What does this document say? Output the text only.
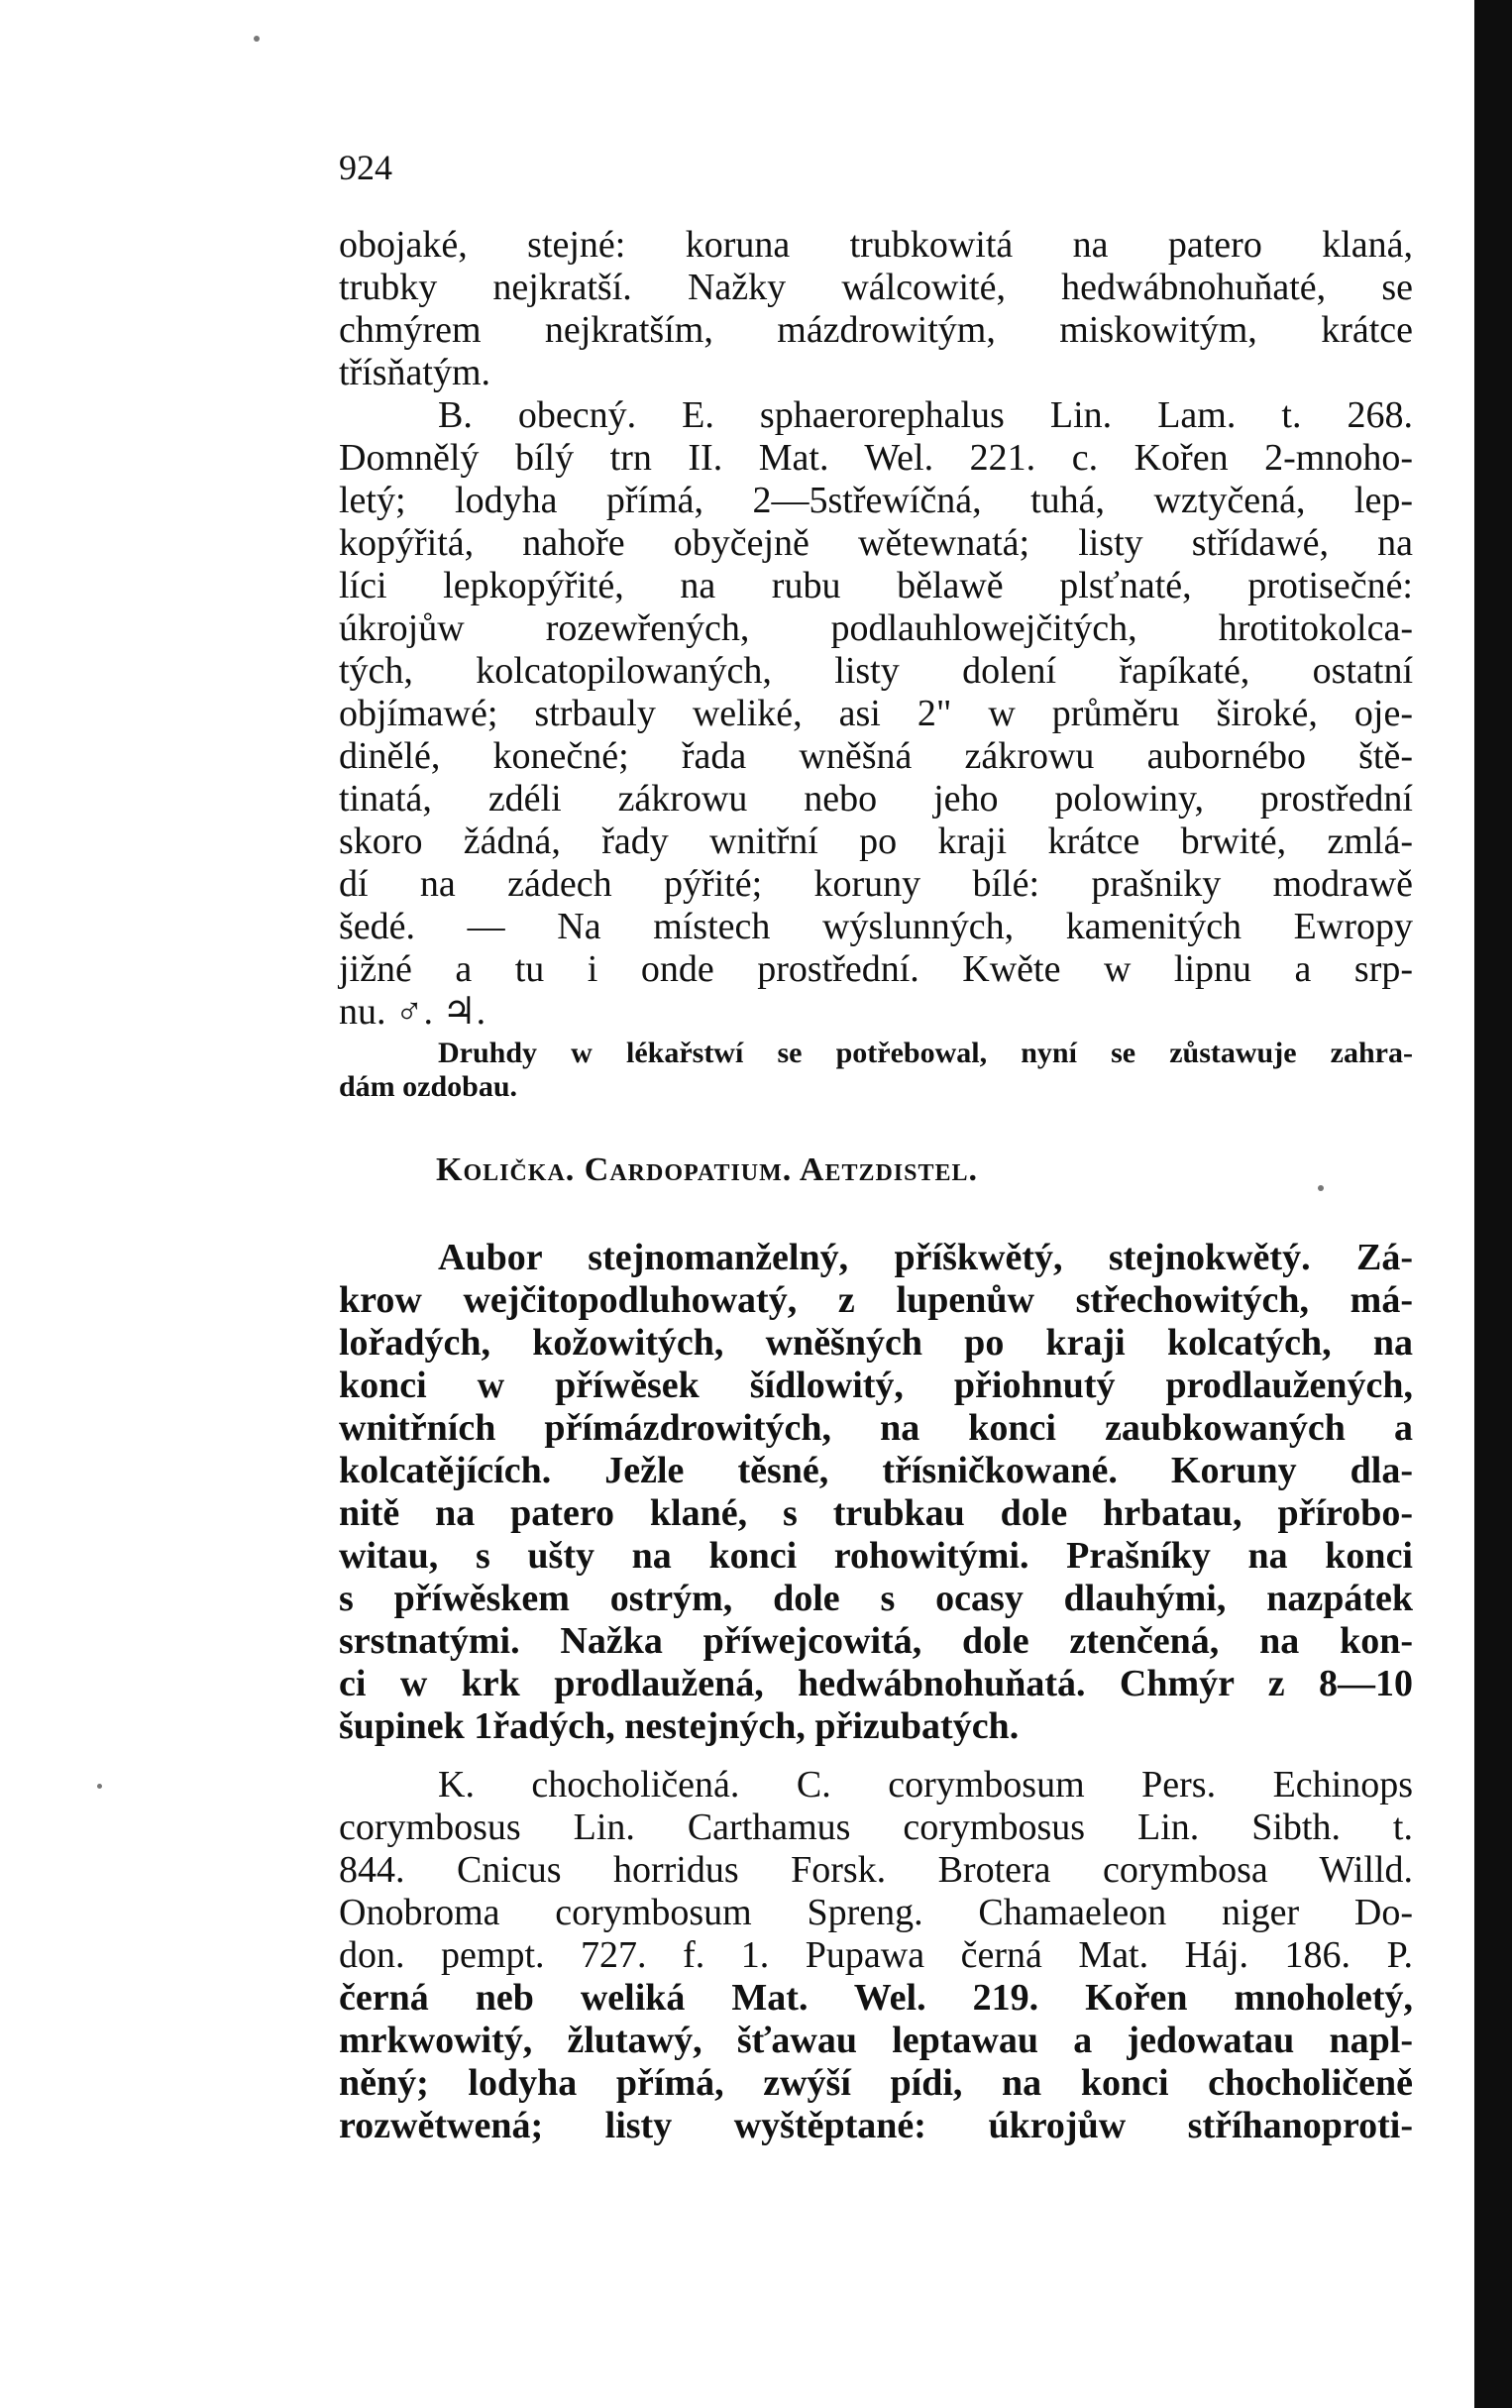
924
obojaké, stejné: koruna trubkowitá na patero klaná,
trubky nejkratší. Nažky wálcowité, hedwábnohuňaté, se
chmýrem nejkratším, mázdrowitým, miskowitým, krátce
třísňatým.
B. obecný. E. sphaerorephalus Lin. Lam. t. 268.
Domnělý bílý trn II. Mat. Wel. 221. c. Kořen 2-mnoho-
letý; lodyha přímá, 2—5střewíčná, tuhá, wztyčená, lep-
kopýřitá, nahoře obyčejně wětewnatá; listy střídawé, na
líci lepkopýřité, na rubu bělawě plsťnaté, protisečné:
úkrojůw rozewřených, podlauhlowejčitých, hrotitokolca-
tých, kolcatopilowaných, listy dolení řapíkaté, ostatní
objímawé; strbauly weliké, asi 2" w průměru široké, oje-
dinělé, konečné; řada wněšná zákrowu aubornébo ště-
tinatá, zdéli zákrowu nebo jeho polowiny, prostřední
skoro žádná, řady wnitřní po kraji krátce brwité, zmlá-
dí na zádech pýřité; koruny bílé: prašniky modrawě
šedé. — Na místech wýslunných, kamenitých Ewropy
jižné a tu i onde prostřední. Kwěte w lipnu a srp-
nu. ♂. ♃.
Druhdy w lékařstwí se potřebowal, nyní se zůstawuje zahra-
dám ozdobau.
Količka. Cardopatium. Aetzdistel.
Aubor stejnomanželný, příškwětý, stejnokwětý. Zá-
krow wejčitopodluhowatý, z lupenůw střechowitých, má-
lořadých, kožowitých, wněšných po kraji kolcatých, na
konci w příwěsek šídlowitý, přiohnutý prodlaužených,
wnitřních přímázdrowitých, na konci zaubkowaných a
kolcatějících. Ježle těsné, třísničkowané. Koruny dla-
nitě na patero klané, s trubkau dole hrbatau, přírobo-
witau, s ušty na konci rohowitými. Prašníky na konci
s příwěskem ostrým, dole s ocasy dlauhými, nazpátek
srstnatými. Nažka příwejcowitá, dole ztenčená, na kon-
ci w krk prodlaužená, hedwábnohuňatá. Chmýr z 8—10
šupinek 1řadých, nestejných, přizubatých.
K. chocholičená. C. corymbosum Pers. Echinops
corymbosus Lin. Carthamus corymbosus Lin. Sibth. t.
844. Cnicus horridus Forsk. Brotera corymbosa Willd.
Onobroma corymbosum Spreng. Chamaeleon niger Do-
don. pempt. 727. f. 1. Pupawa černá Mat. Háj. 186. P.
černá neb weliká Mat. Wel. 219. Kořen mnoholetý,
mrkwowitý, žlutawý, šťawau leptawau a jedowatau napl-
něný; lodyha přímá, zwýší pídi, na konci chocholičeně
rozwětwená; listy wyštěptané: úkrojůw stříhanoproti-
